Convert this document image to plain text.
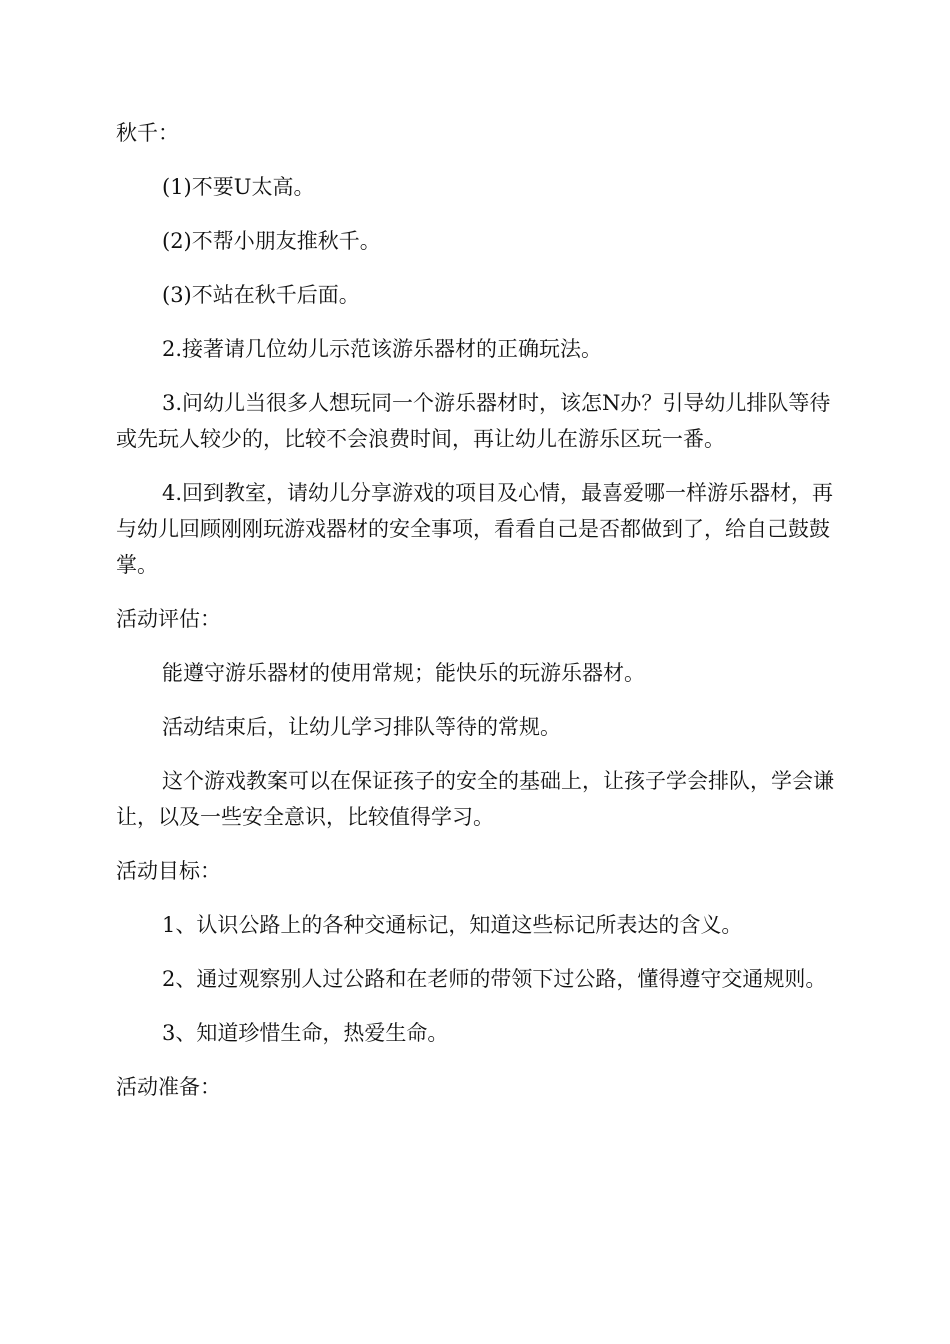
秋千：

(1)不要U太高。

(2)不帮小朋友推秋千。

(3)不站在秋千后面。

2.接著请几位幼儿示范该游乐器材的正确玩法。

3.问幼儿当很多人想玩同一个游乐器材时，该怎N办？引导幼儿排队等待或先玩人较少的，比较不会浪费时间，再让幼儿在游乐区玩一番。

4.回到教室，请幼儿分享游戏的项目及心情，最喜爱哪一样游乐器材，再与幼儿回顾刚刚玩游戏器材的安全事项，看看自己是否都做到了，给自己鼓鼓掌。

活动评估：

能遵守游乐器材的使用常规；能快乐的玩游乐器材。

活动结束后，让幼儿学习排队等待的常规。

这个游戏教案可以在保证孩子的安全的基础上，让孩子学会排队，学会谦让，以及一些安全意识，比较值得学习。

活动目标：

1、认识公路上的各种交通标记，知道这些标记所表达的含义。

2、通过观察别人过公路和在老师的带领下过公路，懂得遵守交通规则。

3、知道珍惜生命，热爱生命。

活动准备：
